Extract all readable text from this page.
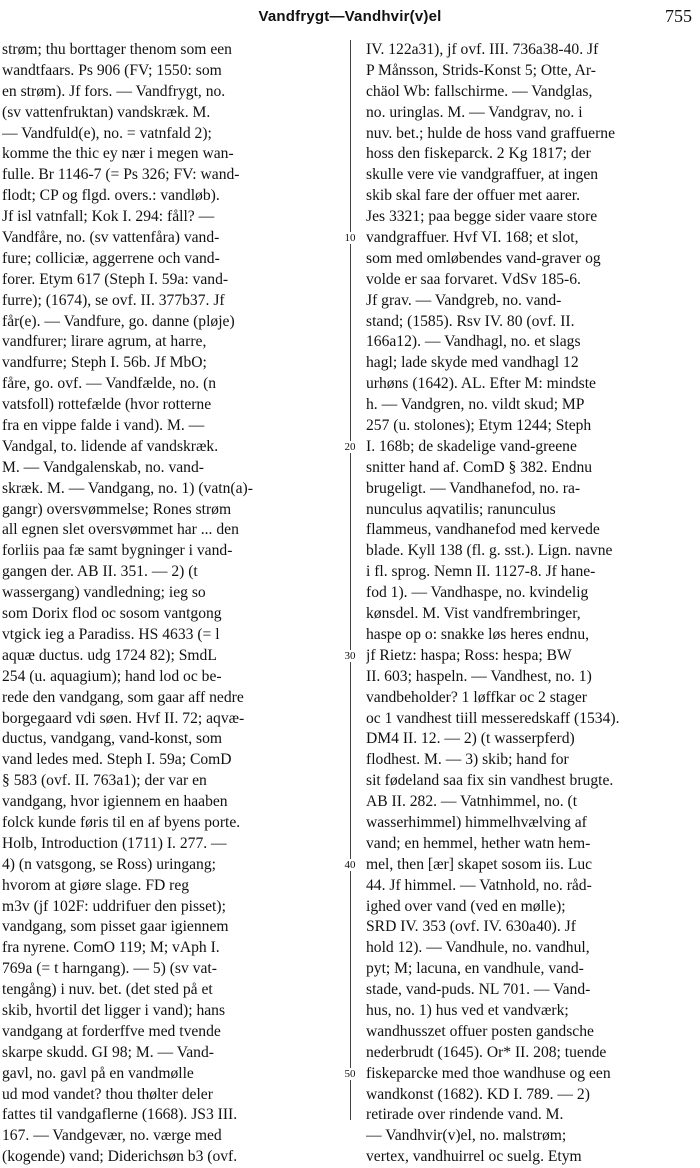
Vandfrygt—Vandhvir(v)el	755
strøm; thu borttager thenom som een
wandtfaars. Ps 906 (FV; 1550: som
en strøm). Jf fors. — Vandfrygt, no.
(sv vattenfruktan) vandskræk. M.
— Vandfuld(e), no. = vatnfald 2);
komme the thic ey nær i megen wan-
fulle. Br 1146-7 (= Ps 326; FV: wand-
flodt; CP og flgd. overs.: vandløb).
Jf isl vatnfall; Kok I. 294: fåll? —
Vandfåre, no. (sv vattenfåra) vand-
fure; colliciæ, aggerrene och vand-
forer. Etym 617 (Steph I. 59a: vand-
furre); (1674), se ovf. II. 377b37. Jf
får(e). — Vandfure, go. danne (pløje)
vandfurer; lirare agrum, at harre,
vandfurre; Steph I. 56b. Jf MbO;
fåre, go. ovf. — Vandfælde, no. (n
vatsfoll) rottefælde (hvor rotterne
fra en vippe falde i vand). M. —
Vandgal, to. lidende af vandskræk.
M. — Vandgalenskab, no. vand-
skræk. M. — Vandgang, no. 1) (vatn(a)-
gangr) oversvømmelse; Rones strøm
all egnen slet oversvømmet har ... den
forliis paa fæ samt bygninger i vand-
gangen der. AB II. 351. — 2) (t
wassergang) vandledning; ieg so
som Dorix flod oc sosom vantgong
vtgick ieg a Paradiss. HS 4633 (= l
aquæ ductus. udg 1724 82); SmdL
254 (u. aquagium); hand lod oc be-
rede den vandgang, som gaar aff nedre
borgegaard vdi søen. Hvf II. 72; aqvæ-
ductus, vandgang, vand-konst, som
vand ledes med. Steph I. 59a; ComD
§ 583 (ovf. II. 763a1); der var en
vandgang, hvor igiennem en haaben
folck kunde føris til en af byens porte.
Holb, Introduction (1711) I. 277. —
4) (n vatsgong, se Ross) uringang;
hvorom at giøre slage. FD reg
m3v (jf 102F: uddrifuer den pisset);
vandgang, som pisset gaar igiennem
fra nyrene. ComO 119; M; vAph I.
769a (= t harngang). — 5) (sv vat-
tengång) i nuv. bet. (det sted på et
skib, hvortil det ligger i vand); hans
vandgang at forderffve med tvende
skarpe skudd. GI 98; M. — Vand-
gavl, no. gavl på en vandmølle
ud mod vandet? thou thølter deler
fattes til vandgaflerne (1668). JS3 III.
167. — Vandgevær, no. værge med
(kogende) vand; Diderichsøn b3 (ovf.
IV. 122a31), jf ovf. III. 736a38-40. Jf
P Månsson, Strids-Konst 5; Otte, Ar-
chäol Wb: fallschirme. — Vandglas,
no. uringlas. M. — Vandgrav, no. i
nuv. bet.; hulde de hoss vand graffuerne
hoss den fiskeparck. 2 Kg 1817; der
skulle vere vie vandgraffuer, at ingen
skib skal fare der offuer met aarer.
Jes 3321; paa begge sider vaare store
vandgraffuer. Hvf VI. 168; et slot,
som med omløbendes vand-graver og
volde er saa forvaret. VdSv 185-6.
Jf grav. — Vandgreb, no. vand-
stand; (1585). Rsv IV. 80 (ovf. II.
166a12). — Vandhagl, no. et slags
hagl; lade skyde med vandhagl 12
urhøns (1642). AL. Efter M: mindste
h. — Vandgren, no. vildt skud; MP
257 (u. stolones); Etym 1244; Steph
I. 168b; de skadelige vand-greene
snitter hand af. ComD § 382. Endnu
brugeligt. — Vandhanefod, no. ra-
nunculus aqvatilis; ranunculus
flammeus, vandhanefod med kervede
blade. Kyll 138 (fl. g. sst.). Lign. navne
i fl. sprog. Nemn II. 1127-8. Jf hane-
fod 1). — Vandhaspe, no. kvindelig
kønsdel. M. Vist vandfrembringer,
haspe op o: snakke løs heres endnu,
jf Rietz: haspa; Ross: hespa; BW
II. 603; haspeln. — Vandhest, no. 1)
vandbeholder? 1 løffkar oc 2 stager
oc 1 vandhest tiill messeredskaff (1534).
DM4 II. 12. — 2) (t wasserpferd)
flodhest. M. — 3) skib; hand for
sit fødeland saa fix sin vandhest brugte.
AB II. 282. — Vatnhimmel, no. (t
wasserhimmel) himmelhvælving af
vand; en hemmel, hether watn hem-
mel, then [ær] skapet sosom iis. Luc
44. Jf himmel. — Vatnhold, no. råd-
ighed over vand (ved en mølle);
SRD IV. 353 (ovf. IV. 630a40). Jf
hold 12). — Vandhule, no. vandhul,
pyt; M; lacuna, en vandhule, vand-
stade, vand-puds. NL 701. — Vand-
hus, no. 1) hus ved et vandværk;
wandhusszet offuer posten gandsche
nederbrudt (1645). Or* II. 208; tuende
fiskeparcke med thoe wandhuse og een
wandkonst (1682). KD I. 789. — 2)
retirade over rindende vand. M.
— Vandhvir(v)el, no. malstrøm;
vertex, vandhuirrel oc suelg. Etym
10
20
30
40
50
